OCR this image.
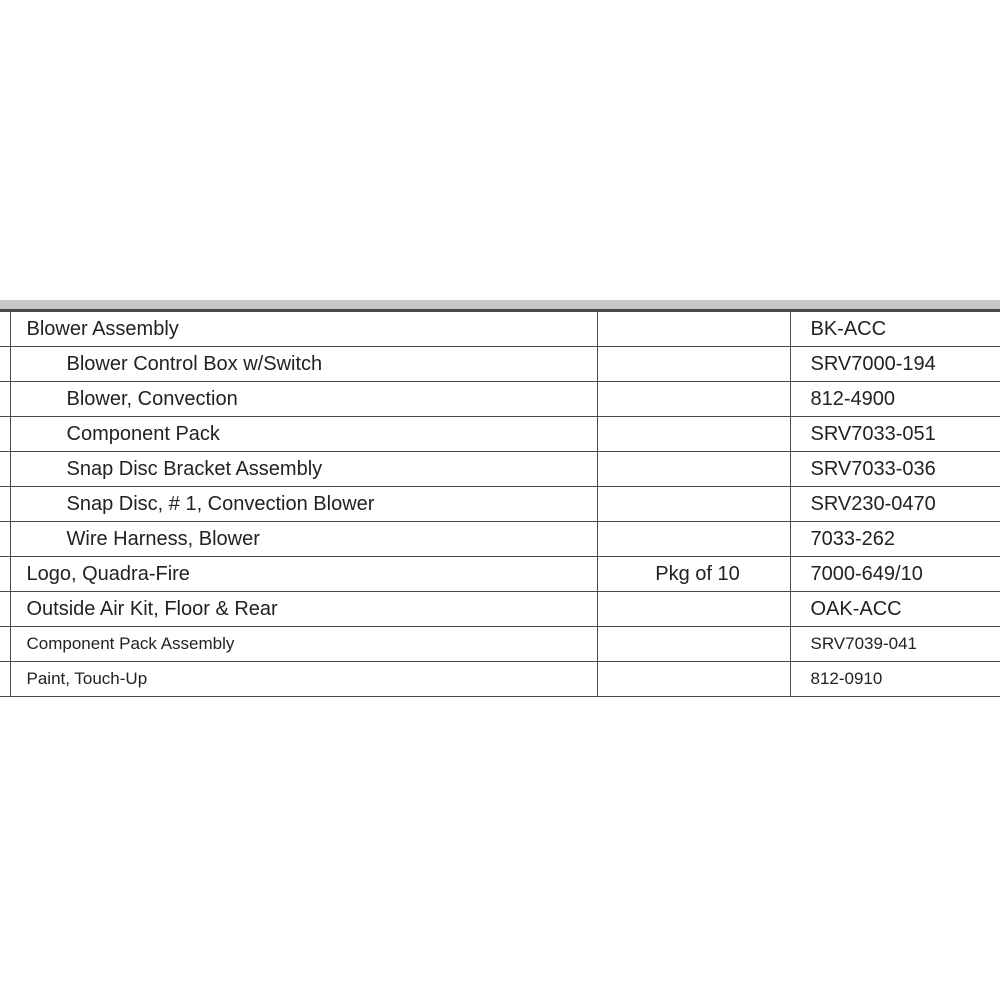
	Blower Assembly		BK-ACC

	Blower Control Box w/Switch		SRV7000-194

	Blower, Convection		812-4900

	Component Pack		SRV7033-051

	Snap Disc Bracket Assembly		SRV7033-036

	Snap Disc, # 1, Convection Blower		SRV230-0470

	Wire Harness, Blower		7033-262

	Logo, Quadra-Fire	Pkg of 10	7000-649/10

	Outside Air Kit, Floor & Rear		OAK-ACC

	Component Pack Assembly		SRV7039-041

	Paint, Touch-Up		812-0910
